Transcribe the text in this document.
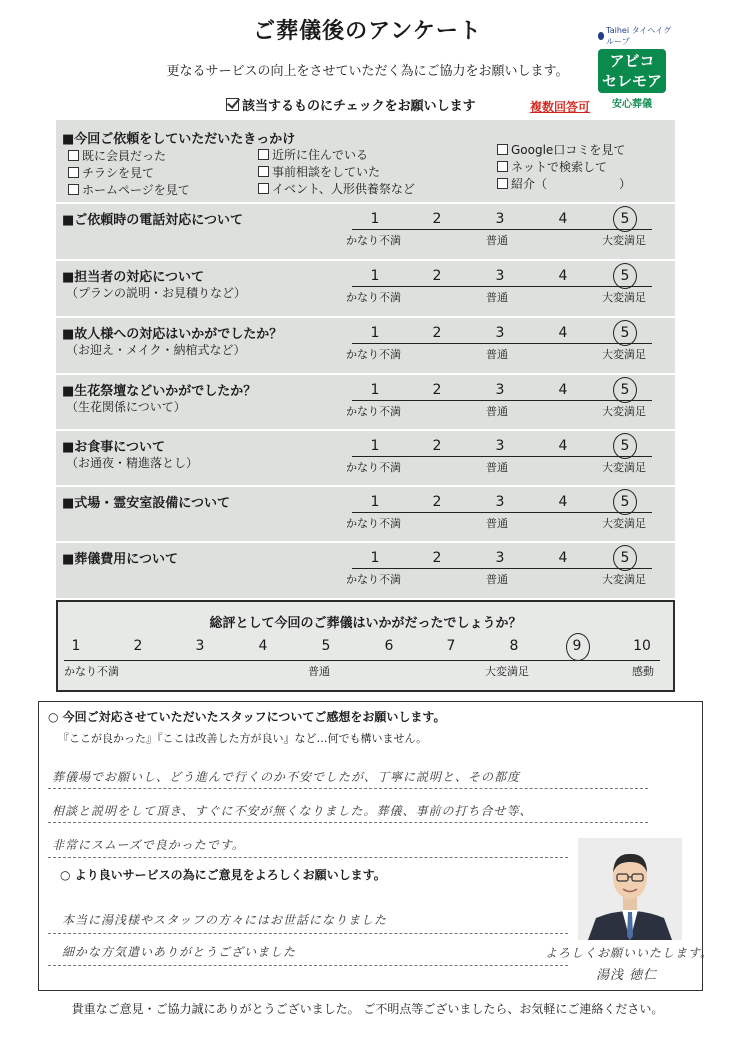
ご葬儀後のアンケート
更なるサービスの向上をさせていただく為にご協力をお願いします。
Taihei タイヘイグループ
アビコ
セレモア
安心葬儀
該当するものにチェックをお願いします	複数回答可
■今回ご依頼をしていただいたきっかけ
既に会員だった
チラシを見て
ホームページを見て
近所に住んでいる
事前相談をしていた
イベント、人形供養祭など
Google口コミを見て
ネットで検索して
紹介（　　　　　　）
■ご依頼時の電話対応について	1	2	3	4	5
かなり不満	普通	大変満足
■担当者の対応について
（プランの説明・お見積りなど）
1	2	3	4	5
かなり不満	普通	大変満足
■故人様への対応はいかがでしたか？
（お迎え・メイク・納棺式など）
1	2	3	4	5
かなり不満	普通	大変満足
■生花祭壇などいかがでしたか？
（生花関係について）
1	2	3	4	5
かなり不満	普通	大変満足
■お食事について
（お通夜・精進落とし）
1	2	3	4	5
かなり不満	普通	大変満足
■式場・霊安室設備について	1	2	3	4	5
かなり不満	普通	大変満足
■葬儀費用について	1	2	3	4	5
かなり不満	普通	大変満足
総評として今回のご葬儀はいかがだったでしょうか？
1	2	3	4	5	6	7	8	9	10
かなり不満	普通	大変満足	感動
○ 今回ご対応させていただいたスタッフについてご感想をお願いします。
『ここが良かった』『ここは改善した方が良い』など…何でも構いません。
葬儀場でお願いし、どう進んで行くのか不安でしたが、丁寧に説明と、その都度
相談と説明をして頂き、すぐに不安が無くなりました。葬儀、事前の打ち合せ等、
非常にスムーズで良かったです。
○ より良いサービスの為にご意見をよろしくお願いします。
本当に湯浅様やスタッフの方々にはお世話になりました
細かな方気遣いありがとうございました	よろしくお願いいたします。
湯浅 徳仁
貴重なご意見・ご協力誠にありがとうございました。 ご不明点等ございましたら、お気軽にご連絡ください。
